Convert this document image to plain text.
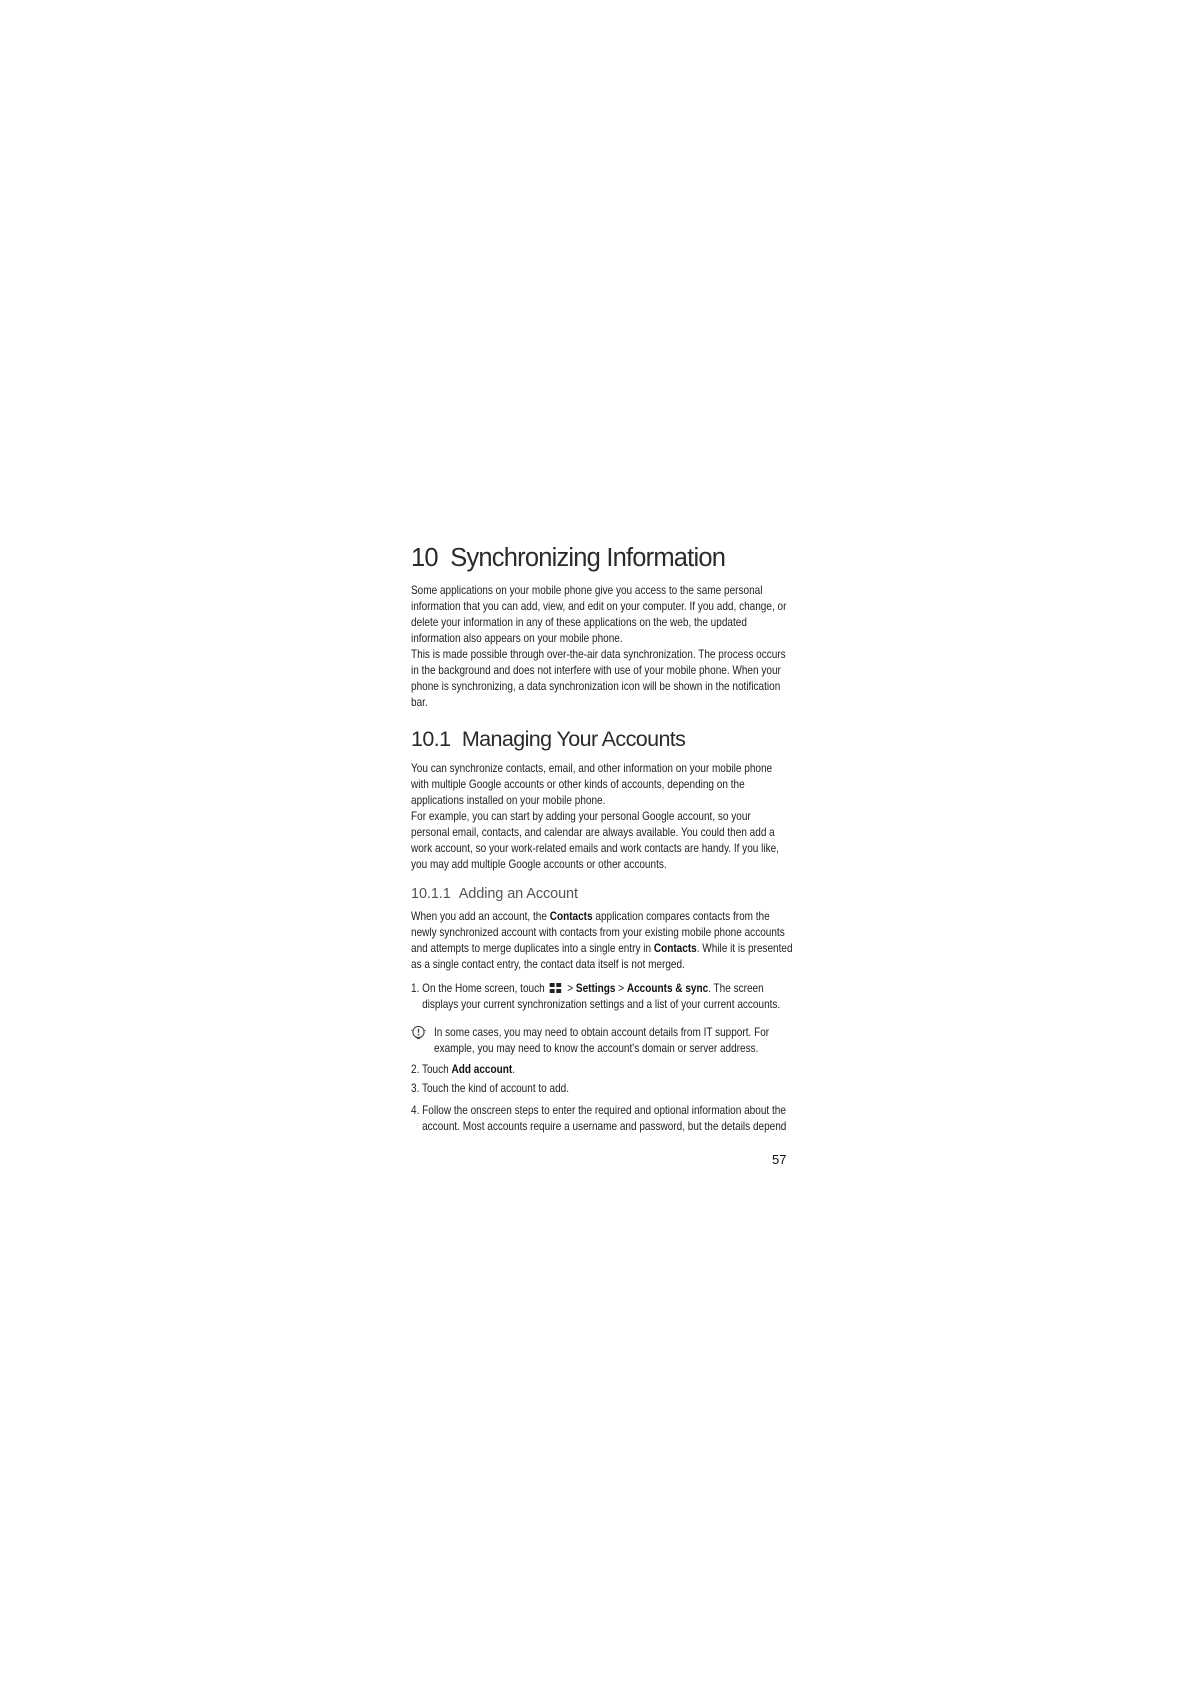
10 Synchronizing Information
Some applications on your mobile phone give you access to the same personal
information that you can add, view, and edit on your computer. If you add, change, or
delete your information in any of these applications on the web, the updated
information also appears on your mobile phone.
This is made possible through over-the-air data synchronization. The process occurs
in the background and does not interfere with use of your mobile phone. When your
phone is synchronizing, a data synchronization icon will be shown in the notification
bar.
10.1 Managing Your Accounts
You can synchronize contacts, email, and other information on your mobile phone
with multiple Google accounts or other kinds of accounts, depending on the
applications installed on your mobile phone.
For example, you can start by adding your personal Google account, so your
personal email, contacts, and calendar are always available. You could then add a
work account, so your work-related emails and work contacts are handy. If you like,
you may add multiple Google accounts or other accounts.
10.1.1 Adding an Account
When you add an account, the Contacts application compares contacts from the
newly synchronized account with contacts from your existing mobile phone accounts
and attempts to merge duplicates into a single entry in Contacts. While it is presented
as a single contact entry, the contact data itself is not merged.
1. On the Home screen, touch > Settings > Accounts & sync. The screen
displays your current synchronization settings and a list of your current accounts.
In some cases, you may need to obtain account details from IT support. For
example, you may need to know the account's domain or server address.
2. Touch Add account.
3. Touch the kind of account to add.
4. Follow the onscreen steps to enter the required and optional information about the
account. Most accounts require a username and password, but the details depend
57
